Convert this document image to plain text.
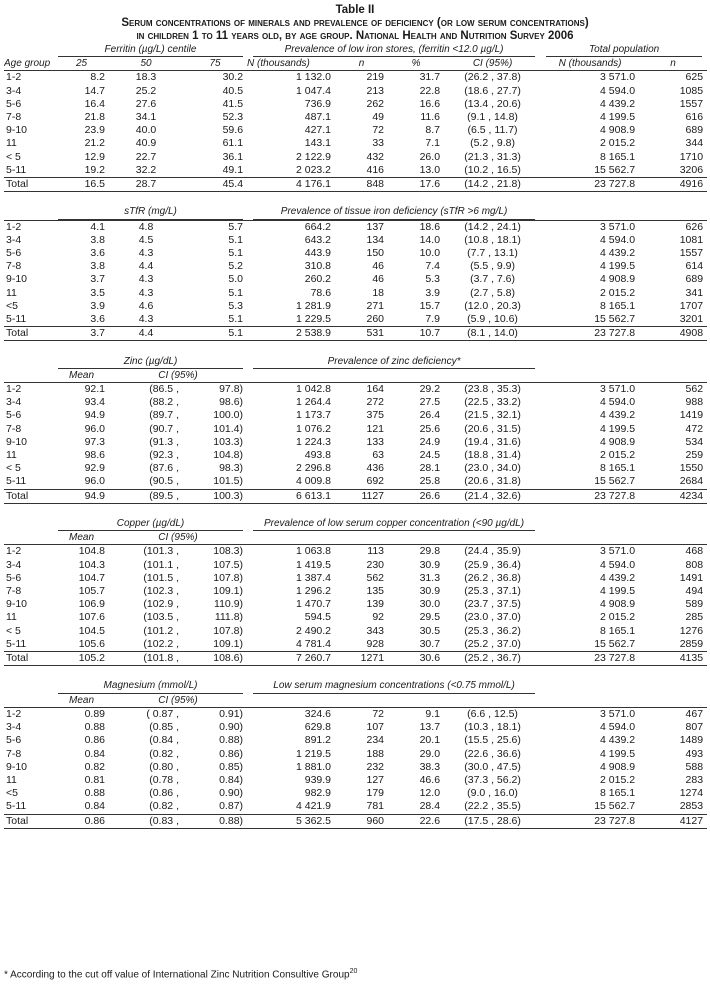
Table II
Serum concentrations of minerals and prevalence of deficiency (or low serum concentrations)
in children 1 to 11 years old, by age group. National Health and Nutrition Survey 2006
	Ferritin (µg/L) centile			Prevalence of low iron stores, (ferritin <12.0 µg/L)				Total population	
Age group	25	50	75	N (thousands)	n	%	CI (95%)	N (thousands)	n
1-2	8.2	18.3	30.2	1 132.0	219	31.7	(26.2 , 37.8)	3 571.0	625
3-4	14.7	25.2	40.5	1 047.4	213	22.8	(18.6 , 27.7)	4 594.0	1085
5-6	16.4	27.6	41.5	736.9	262	16.6	(13.4 , 20.6)	4 439.2	1557
7-8	21.8	34.1	52.3	487.1	49	11.6	(9.1 , 14.8)	4 199.5	616
9-10	23.9	40.0	59.6	427.1	72	8.7	(6.5 , 11.7)	4 908.9	689
11	21.2	40.9	61.1	143.1	33	7.1	(5.2 , 9.8)	2 015.2	344
< 5	12.9	22.7	36.1	2 122.9	432	26.0	(21.3 , 31.3)	8 165.1	1710
5-11	19.2	32.2	49.1	2 023.2	416	13.0	(10.2 , 16.5)	15 562.7	3206
Total	16.5	28.7	45.4	4 176.1	848	17.6	(14.2 , 21.8)	23 727.8	4916

	sTfR (mg/L)			Prevalence of tissue iron deficiency (sTfR >6 mg/L)					
1-2	4.1	4.8	5.7	664.2	137	18.6	(14.2 , 24.1)	3 571.0	626
3-4	3.8	4.5	5.1	643.2	134	14.0	(10.8 , 18.1)	4 594.0	1081
5-6	3.6	4.3	5.1	443.9	150	10.0	(7.7 , 13.1)	4 439.2	1557
7-8	3.8	4.4	5.2	310.8	46	7.4	(5.5 , 9.9)	4 199.5	614
9-10	3.7	4.3	5.0	260.2	46	5.3	(3.7 , 7.6)	4 908.9	689
11	3.5	4.3	5.1	78.6	18	3.9	(2.7 , 5.8)	2 015.2	341
<5	3.9	4.6	5.3	1 281.9	271	15.7	(12.0 , 20.3)	8 165.1	1707
5-11	3.6	4.3	5.1	1 229.5	260	7.9	(5.9 , 10.6)	15 562.7	3201
Total	3.7	4.4	5.1	2 538.9	531	10.7	(8.1 , 14.0)	23 727.8	4908

	Zinc (µg/dL)			Prevalence of zinc deficiency*					
	Mean	CI (95%)							
1-2	92.1	(86.5 ,	97.8)	1 042.8	164	29.2	(23.8 , 35.3)	3 571.0	562
3-4	93.4	(88.2 ,	98.6)	1 264.4	272	27.5	(22.5 , 33.2)	4 594.0	988
5-6	94.9	(89.7 ,	100.0)	1 173.7	375	26.4	(21.5 , 32.1)	4 439.2	1419
7-8	96.0	(90.7 ,	101.4)	1 076.2	121	25.6	(20.6 , 31.5)	4 199.5	472
9-10	97.3	(91.3 ,	103.3)	1 224.3	133	24.9	(19.4 , 31.6)	4 908.9	534
11	98.6	(92.3 ,	104.8)	493.8	63	24.5	(18.8 , 31.4)	2 015.2	259
< 5	92.9	(87.6 ,	98.3)	2 296.8	436	28.1	(23.0 , 34.0)	8 165.1	1550
5-11	96.0	(90.5 ,	101.5)	4 009.8	692	25.8	(20.6 , 31.8)	15 562.7	2684
Total	94.9	(89.5 ,	100.3)	6 613.1	1127	26.6	(21.4 , 32.6)	23 727.8	4234

	Copper (µg/dL)			Prevalence of low serum copper concentration (<90 µg/dL)					
	Mean	CI (95%)							
1-2	104.8	(101.3 ,	108.3)	1 063.8	113	29.8	(24.4 , 35.9)	3 571.0	468
3-4	104.3	(101.1 ,	107.5)	1 419.5	230	30.9	(25.9 , 36.4)	4 594.0	808
5-6	104.7	(101.5 ,	107.8)	1 387.4	562	31.3	(26.2 , 36.8)	4 439.2	1491
7-8	105.7	(102.3 ,	109.1)	1 296.2	135	30.9	(25.3 , 37.1)	4 199.5	494
9-10	106.9	(102.9 ,	110.9)	1 470.7	139	30.0	(23.7 , 37.5)	4 908.9	589
11	107.6	(103.5 ,	111.8)	594.5	92	29.5	(23.0 , 37.0)	2 015.2	285
< 5	104.5	(101.2 ,	107.8)	2 490.2	343	30.5	(25.3 , 36.2)	8 165.1	1276
5-11	105.6	(102.2 ,	109.1)	4 781.4	928	30.7	(25.2 , 37.0)	15 562.7	2859
Total	105.2	(101.8 ,	108.6)	7 260.7	1271	30.6	(25.2 , 36.7)	23 727.8	4135

	Magnesium (mmol/L)			Low serum magnesium concentrations (<0.75 mmol/L)					
	Mean	CI (95%)							
1-2	0.89	( 0.87 ,	0.91)	324.6	72	9.1	(6.6 , 12.5)	3 571.0	467
3-4	0.88	(0.85 ,	0.90)	629.8	107	13.7	(10.3 , 18.1)	4 594.0	807
5-6	0.86	(0.84 ,	0.88)	891.2	234	20.1	(15.5 , 25.6)	4 439.2	1489
7-8	0.84	(0.82 ,	0.86)	1 219.5	188	29.0	(22.6 , 36.6)	4 199.5	493
9-10	0.82	(0.80 ,	0.85)	1 881.0	232	38.3	(30.0 , 47.5)	4 908.9	588
11	0.81	(0.78 ,	0.84)	939.9	127	46.6	(37.3 , 56.2)	2 015.2	283
<5	0.88	(0.86 ,	0.90)	982.9	179	12.0	(9.0 , 16.0)	8 165.1	1274
5-11	0.84	(0.82 ,	0.87)	4 421.9	781	28.4	(22.2 , 35.5)	15 562.7	2853
Total	0.86	(0.83 ,	0.88)	5 362.5	960	22.6	(17.5 , 28.6)	23 727.8	4127
* According to the cut off value of International Zinc Nutrition Consultive Group$^{20}$
